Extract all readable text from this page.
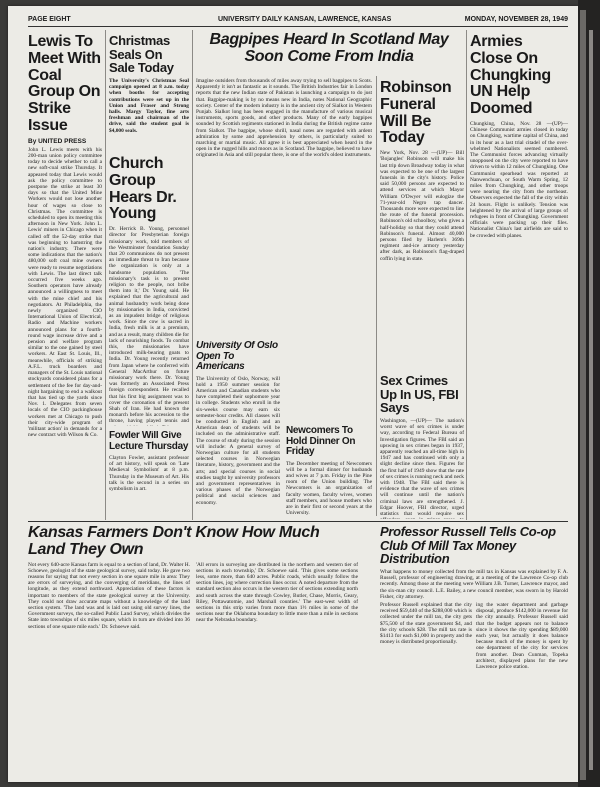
PAGE EIGHT	UNIVERSITY DAILY KANSAN, LAWRENCE, KANSAS	MONDAY, NOVEMBER 28, 1949
Lewis To Meet With Coal Group On Strike Issue
By UNITED PRESS
John L. Lewis meets with his 200-man union policy committee today to decide whether to call a new soft-coal strike Thursday. It appeared today that Lewis would ask the policy committee to postpone the strike at least 30 days so that the United Mine Workers would not lose another hour of wages so close to Christmas. The committee is scheduled to open its meeting this afternoon in New York. John L. Lewis' miners in Chicago when it called off the 52-day strike that was beginning to hamstring the nation's industry. There were some indications that the nation's 480,000 soft coal mine owners were ready to resume negotiations with Lewis. The last direct talk occurred five weeks ago. Southern operators have already announced a willingness to meet with the mine chief and his negotiators. At Philadelphia, the newly organized CIO International Union of Electrical, Radio and Machine workers announced plans for a fourth-round wage increase drive and a pension and welfare program similar to the one gained by steel workers. At East St. Louis, Ill., meanwhile, officials of striking A.F.L. truck boarders and managers of the St. Louis national stockyards considered plans for a settlement of the fee for day-and-night bargaining to end a walkout that has tied up the yards since Nov. 1. Delegates from seven locals of the CIO packinghouse workers met at Chicago to push their city-wide program of 'militant action' in demands for a new contract with Wilson & Co.
Christmas Seals On Sale Today
The University's Christmas Seal campaign opened at 8 a.m. today when booths for accepting contributions were set up in the Union and Fraser and Strong halls. Margy Taylor, fine arts freshman and chairman of the drive, said the student goal is $4,000 seals.
Church Group Hears Dr. Young
Dr. Herrick B. Young, personnel director for Presbyterian foreign missionary work, told members of the Westminster foundation Sunday that 20 communions do not present an immediate threat to Iran because the organization is only at a handsome population. 'The missionary's task is to present religion to the people, not bribe them into it,' Dr. Young said. He explained that the agricultural and animal husbandry work being done by missionaries in India, convicted as an impudent bridge of religious work. Since the cow is sacred in India, fresh milk is at a premium, and as a result, many children die for lack of nourishing foods. To combat this, the missionaries have introduced milk-bearing goats to India. Dr. Young recently returned from Japan where he conferred with General MacArthur on future missionary work there. Dr. Young was formerly an Associated Press foreign correspondent. He recalled that his first big assignment was to cover the coronation of the present Shah of Iran. He had known the monarch before his accession to the throne, having played tennis and
Fowler Will Give Lecture Thursday
Clayton Fowler, assistant professor of art history, will speak on 'Late Medieval Symbolism' at 8 p.m. Thursday in the Museum of Art. His talk is the second in a series on symbolism in art.
Bagpipes Heard In Scotland May Soon Come From India
Imagine outsiders from thousands of miles away trying to sell bagpipes to Scots. Apparently it isn't as fantastic as it sounds. The British Industries fair in London reports that the new Indian state of Pakistan is launching a campaign to do just that. Bagpipe-making is by no means new in India, notes National Geographic society. Center of the modern industry is in the ancient city of Sialkot in Western Punjab. Sialkot long has been engaged in the manufacture of various musical instruments, sports goods, and other products. Many of the early bagpipes sounded by Scottish regiments stationed in India during the British regime came from Sialkot. The bagpipe, whose shrill, nasal notes are regarded with ardent admiration by some and apprehension by others, is particularly suited to marching or martial music. All agree it is best appreciated when heard in the open in the rugged hills and moors as in Scotland. The bagpipe, believed to have originated in Asia and still popular there, is one of the world's oldest instruments.
University Of Oslo Open To Americans
The University of Oslo, Norway, will hold a 1950 summer session for American and Canadian students who have completed their sophomore year in college. Students who enroll in the six-weeks course may earn six semester-hour credits. All classes will be conducted in English and an American dean of students will be included on the administrative staff. The course of study during the session will include: A general survey of Norwegian culture for all students selected courses in Norwegian literature, history, government and the arts; and special courses in social studies taught by university professors and government representatives in various phases of the Norwegian political and social sciences and economy.
Newcomers To Hold Dinner On Friday
The December meeting of Newcomers will be a formal dinner for husbands and wives at 7 p.m. Friday in the Pine room of the Union building. The Newcomers is an organization of faculty women, faculty wives, women staff members, and house mothers who are in their first or second years at the University.
Robinson Funeral Will Be Today
New York, Nov. 28 —(UP)— Bill 'Bojangles' Robinson will make his last trip down Broadway today in what was expected to be one of the largest funerals in the city's history. Police said 50,000 persons are expected to attend services at which Mayor William O'Dwyer will eulogize the 71-year-old Negro tap dancer. Thousands more were expected to line the route of the funeral procession. Robinson's old schoolboy, who gives a half-holiday so that they could attend Robinson's funeral. Almost 40,000 persons filed by Harlem's 369th regiment and-ice armory yesterday after dark, as Robinson's flag-draped coffin lying in state.
Sex Crimes Up In US, FBI Says
Washington, —(UP)— The nation's worst wave of sex crimes is under way, according to Federal Bureau of Investigation figures. The FBI said an upswing in sex crimes began in 1937, apparently reached an all-time high in 1947 and has continued with only a slight decline since then. Figures for the first half of 1949 show that the rate of sex crimes is running neck and neck with 1948. The FBI said there is evidence that the wave of sex crimes will continue until the nation's criminal laws are strengthened. J. Edgar Hoover, FBI director, urged statistics that would require sex
Armies Close On Chungking UN Help Doomed
Chungking, China, Nov. 28 —(UP)— Chinese Communist armies closed in today on Chungking, wartime capital of China, and in its hour as a last trial citadel of the over-whelmed Nationalists seemed numbered. The Communist forces advancing virtually unopposed on the city were reported to have driven to within 12 miles of Chungking. One Communist spearhead was reported at Nanwenchuan, or South Warm Spring, 12 miles from Chungking, and other troops were nearing the city from the northeast. Observers expected the fall of the city within 24 hours. Flight is unlikely. Tension was heightened by the arrival of large groups of refugees in front of Chungking. Government officials were packing up their files. Nationalist China's last airfields are said to be crowded with planes.
Kansas Farmers Don't Know How Much Land They Own
Not every 640-acre Kansas farm is equal to a section of land, Dr. Walter H. Schoewe, geologist of the state geological survey, said today. He gave two reasons for saying that not every section in one square mile in area: They are errors of surveying, and the converging of meridians, the lines of longitude, as they extend northward. Appreciation of these factors is important to members of the state geological survey at the University. They could not draw accurate maps without a knowledge of the land section system. 'The land was and is laid out using old survey lines, the Government surveys, the so-called Public Land Survey, which divides the State into townships of six miles square, which in turn are divided into 36 sections of one square mile each.' Dr. Schoewe said.
'All errors in surveying are distributed in the northern and western tier of sections in each township,' Dr. Schoewe said. 'This gives some sections less, some more, than 640 acres. Public roads, which usually follow the section lines, jog where correction lines occur. A noted departure from the standard section also occurs in the western tier of sections extending north and south across the state through Cowley, Butler, Chase, Morris, Geary, Riley, Pottawatomie, and Marshall counties.' The east-west width of sections in this strip varies from more than 1½ miles in some of the sections near the Oklahoma boundary to little more than a mile in sections near the Nebraska boundary.
Professor Russell Tells Co-op Club Of Mill Tax Money Distribution
What happens to money collected from the mill tax in Kansas was explained by F. A. Russell, professor of engineering drawing, at a meeting of the Lawrence Co-op club recently. Among those at the meeting were William J.B. Turner, Lawrence mayor, and the six-man city council. L.E. Bailey, a new council member, was sworn in by Harold Fisher, city attorney.
Professor Russell explained that the city received $59,440 of the $288,000 which is collected under the mill tax, the city gets $75,500 of the state government $4, and the city schools $28. The mill tax rate is $1413 for each $1,000 in property and the money is distributed proportionally.
ing the water department and garbage disposal, produce $142,000 in revenue for the city annually. Professor Russell said that the budget appears not to balance since it shows the city spending $89,000 each year, but actually it does balance because much of the money is spent by one department of the city for services from another. Dean Cunman, Topeka architect, displayed plans for the new Lawrence police station.
